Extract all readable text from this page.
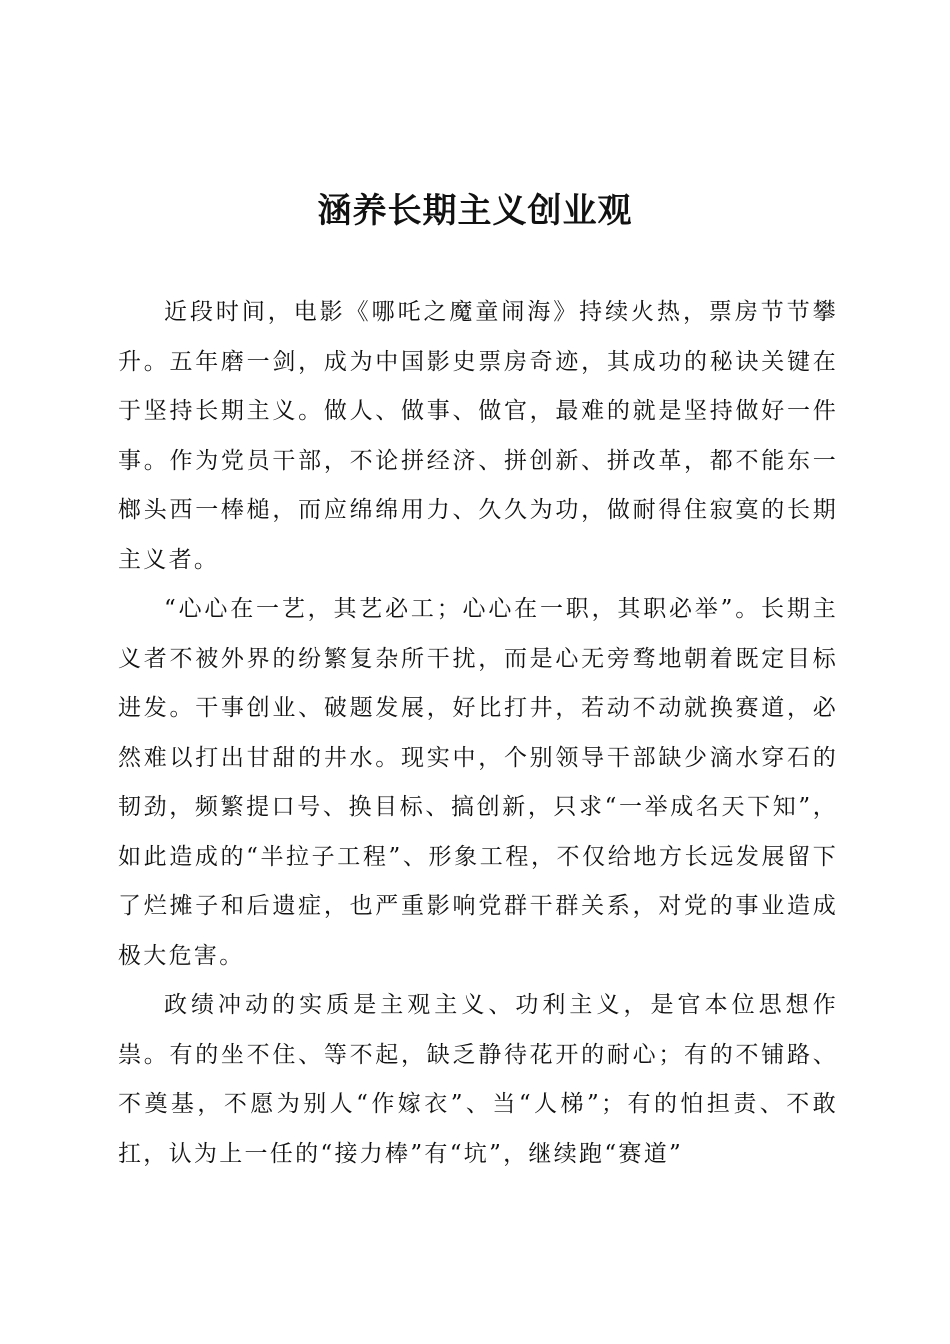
涵养长期主义创业观

近段时间，电影《哪吒之魔童闹海》持续火热，票房节节攀升。五年磨一剑，成为中国影史票房奇迹，其成功的秘诀关键在于坚持长期主义。做人、做事、做官，最难的就是坚持做好一件事。作为党员干部，不论拼经济、拼创新、拼改革，都不能东一榔头西一棒槌，而应绵绵用力、久久为功，做耐得住寂寞的长期主义者。

“心心在一艺，其艺必工；心心在一职，其职必举”。长期主义者不被外界的纷繁复杂所干扰，而是心无旁骛地朝着既定目标进发。干事创业、破题发展，好比打井，若动不动就换赛道，必然难以打出甘甜的井水。现实中，个别领导干部缺少滴水穿石的韧劲，频繁提口号、换目标、搞创新，只求“一举成名天下知”，如此造成的“半拉子工程”、形象工程，不仅给地方长远发展留下了烂摊子和后遗症，也严重影响党群干群关系，对党的事业造成极大危害。

政绩冲动的实质是主观主义、功利主义，是官本位思想作祟。有的坐不住、等不起，缺乏静待花开的耐心；有的不铺路、不奠基，不愿为别人“作嫁衣”、当“人梯”；有的怕担责、不敢扛，认为上一任的“接力棒”有“坑”，继续跑“赛道”
